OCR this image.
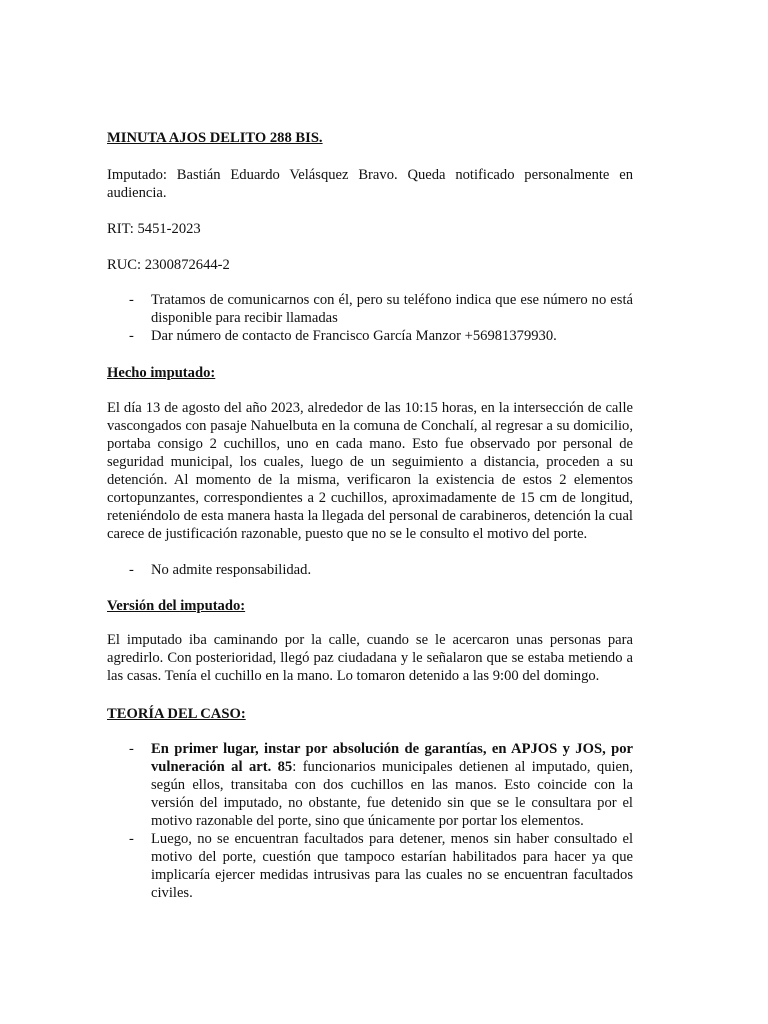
MINUTA AJOS DELITO 288 BIS.

Imputado: Bastián Eduardo Velásquez Bravo. Queda notificado personalmente en audiencia.

RIT: 5451-2023

RUC: 2300872644-2

- Tratamos de comunicarnos con él, pero su teléfono indica que ese número no está disponible para recibir llamadas
- Dar número de contacto de Francisco García Manzor +56981379930.

Hecho imputado:

El día 13 de agosto del año 2023, alrededor de las 10:15 horas, en la intersección de calle vascongados con pasaje Nahuelbuta en la comuna de Conchalí, al regresar a su domicilio, portaba consigo 2 cuchillos, uno en cada mano. Esto fue observado por personal de seguridad municipal, los cuales, luego de un seguimiento a distancia, proceden a su detención. Al momento de la misma, verificaron la existencia de estos 2 elementos cortopunzantes, correspondientes a 2 cuchillos, aproximadamente de 15 cm de longitud, reteniéndolo de esta manera hasta la llegada del personal de carabineros, detención la cual carece de justificación razonable, puesto que no se le consulto el motivo del porte.

- No admite responsabilidad.

Versión del imputado:

El imputado iba caminando por la calle, cuando se le acercaron unas personas para agredirlo. Con posterioridad, llegó paz ciudadana y le señalaron que se estaba metiendo a las casas. Tenía el cuchillo en la mano. Lo tomaron detenido a las 9:00 del domingo.

TEORÍA DEL CASO:

- En primer lugar, instar por absolución de garantías, en APJOS y JOS, por vulneración al art. 85: funcionarios municipales detienen al imputado, quien, según ellos, transitaba con dos cuchillos en las manos. Esto coincide con la versión del imputado, no obstante, fue detenido sin que se le consultara por el motivo razonable del porte, sino que únicamente por portar los elementos.
- Luego, no se encuentran facultados para detener, menos sin haber consultado el motivo del porte, cuestión que tampoco estarían habilitados para hacer ya que implicaría ejercer medidas intrusivas para las cuales no se encuentran facultados civiles.
